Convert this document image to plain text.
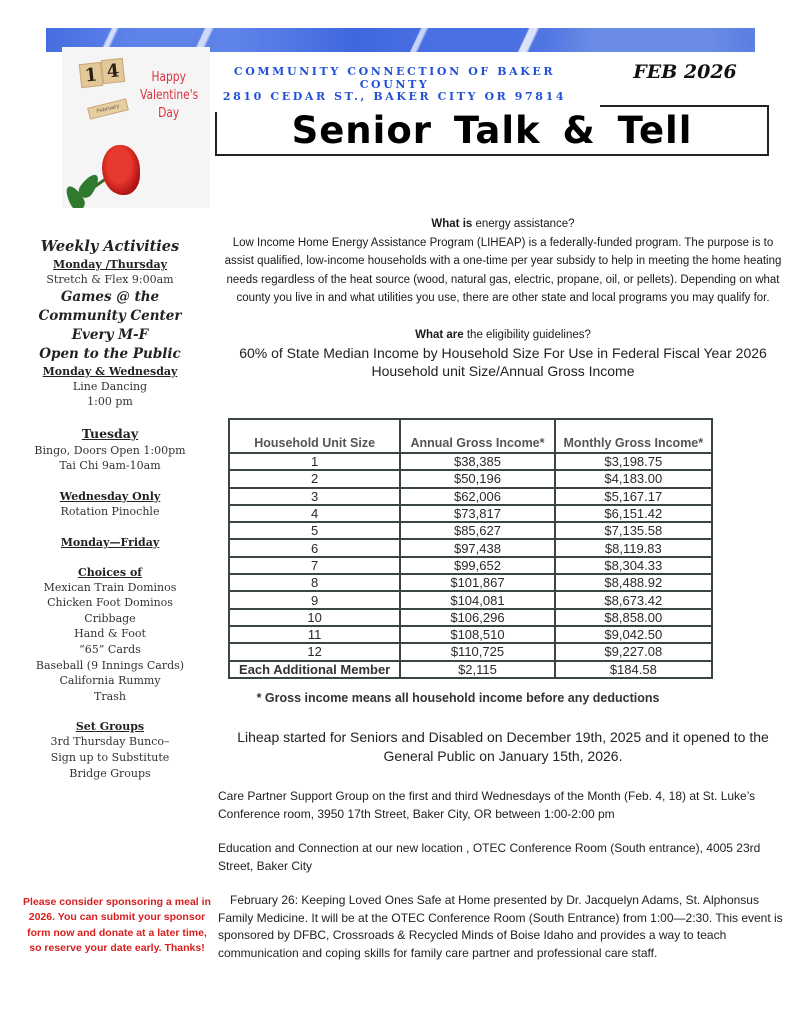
1 4
February
Happy
Valentine's
Day
COMMUNITY CONNECTION OF BAKER COUNTY
2810 CEDAR ST., BAKER CITY OR 97814
FEB 2026
Senior Talk & Tell
Weekly Activities
Monday /Thursday
Stretch & Flex 9:00am
Games @ the
Community Center
Every M-F
Open to the Public
Monday & Wednesday
Line Dancing
1:00 pm
Tuesday
Bingo, Doors Open 1:00pm
Tai Chi 9am-10am
Wednesday Only
Rotation Pinochle
Monday—Friday
Choices of
Mexican Train Dominos
Chicken Foot Dominos
Cribbage
Hand & Foot
“65” Cards
Baseball (9 Innings Cards)
California Rummy
Trash
Set Groups
3rd Thursday Bunco–
Sign up to Substitute
Bridge Groups
Please consider sponsoring a meal in 2026. You can submit your sponsor form now and donate at a later time, so reserve your date early. Thanks!
What is energy assistance?
Low Income Home Energy Assistance Program (LIHEAP) is a federally-funded program. The purpose is to assist qualified, low-income households with a one-time per year subsidy to help in meeting the home heating needs regardless of the heat source (wood, natural gas, electric, propane, oil, or pellets). Depending on what county you live in and what utilities you use, there are other state and local programs you may qualify for.
What are the eligibility guidelines?
60% of State Median Income by Household Size For Use in Federal Fiscal Year 2026
Household unit Size/Annual Gross Income
Household Unit Size	Annual Gross Income*	Monthly Gross Income*
1	$38,385	$3,198.75
2	$50,196	$4,183.00
3	$62,006	$5,167.17
4	$73,817	$6,151.42
5	$85,627	$7,135.58
6	$97,438	$8,119.83
7	$99,652	$8,304.33
8	$101,867	$8,488.92
9	$104,081	$8,673.42
10	$106,296	$8,858.00
11	$108,510	$9,042.50
12	$110,725	$9,227.08
Each Additional Member	$2,115	$184.58
* Gross income means all household income before any deductions
Liheap started for Seniors and Disabled on December 19th, 2025 and it opened to the General Public on January 15th, 2026.
Care Partner Support Group on the first and third Wednesdays of the Month (Feb. 4, 18) at St. Luke’s Conference room, 3950 17th Street, Baker City, OR between 1:00-2:00 pm
Education and Connection at our new location , OTEC Conference Room (South entrance), 4005 23rd Street, Baker City
February 26: Keeping Loved Ones Safe at Home presented by Dr. Jacquelyn Adams, St. Alphonsus Family Medicine. It will be at the OTEC Conference Room (South Entrance) from 1:00—2:30. This event is sponsored by DFBC, Crossroads & Recycled Minds of Boise Idaho and provides a way to teach communication and coping skills for family care partner and professional care staff.
